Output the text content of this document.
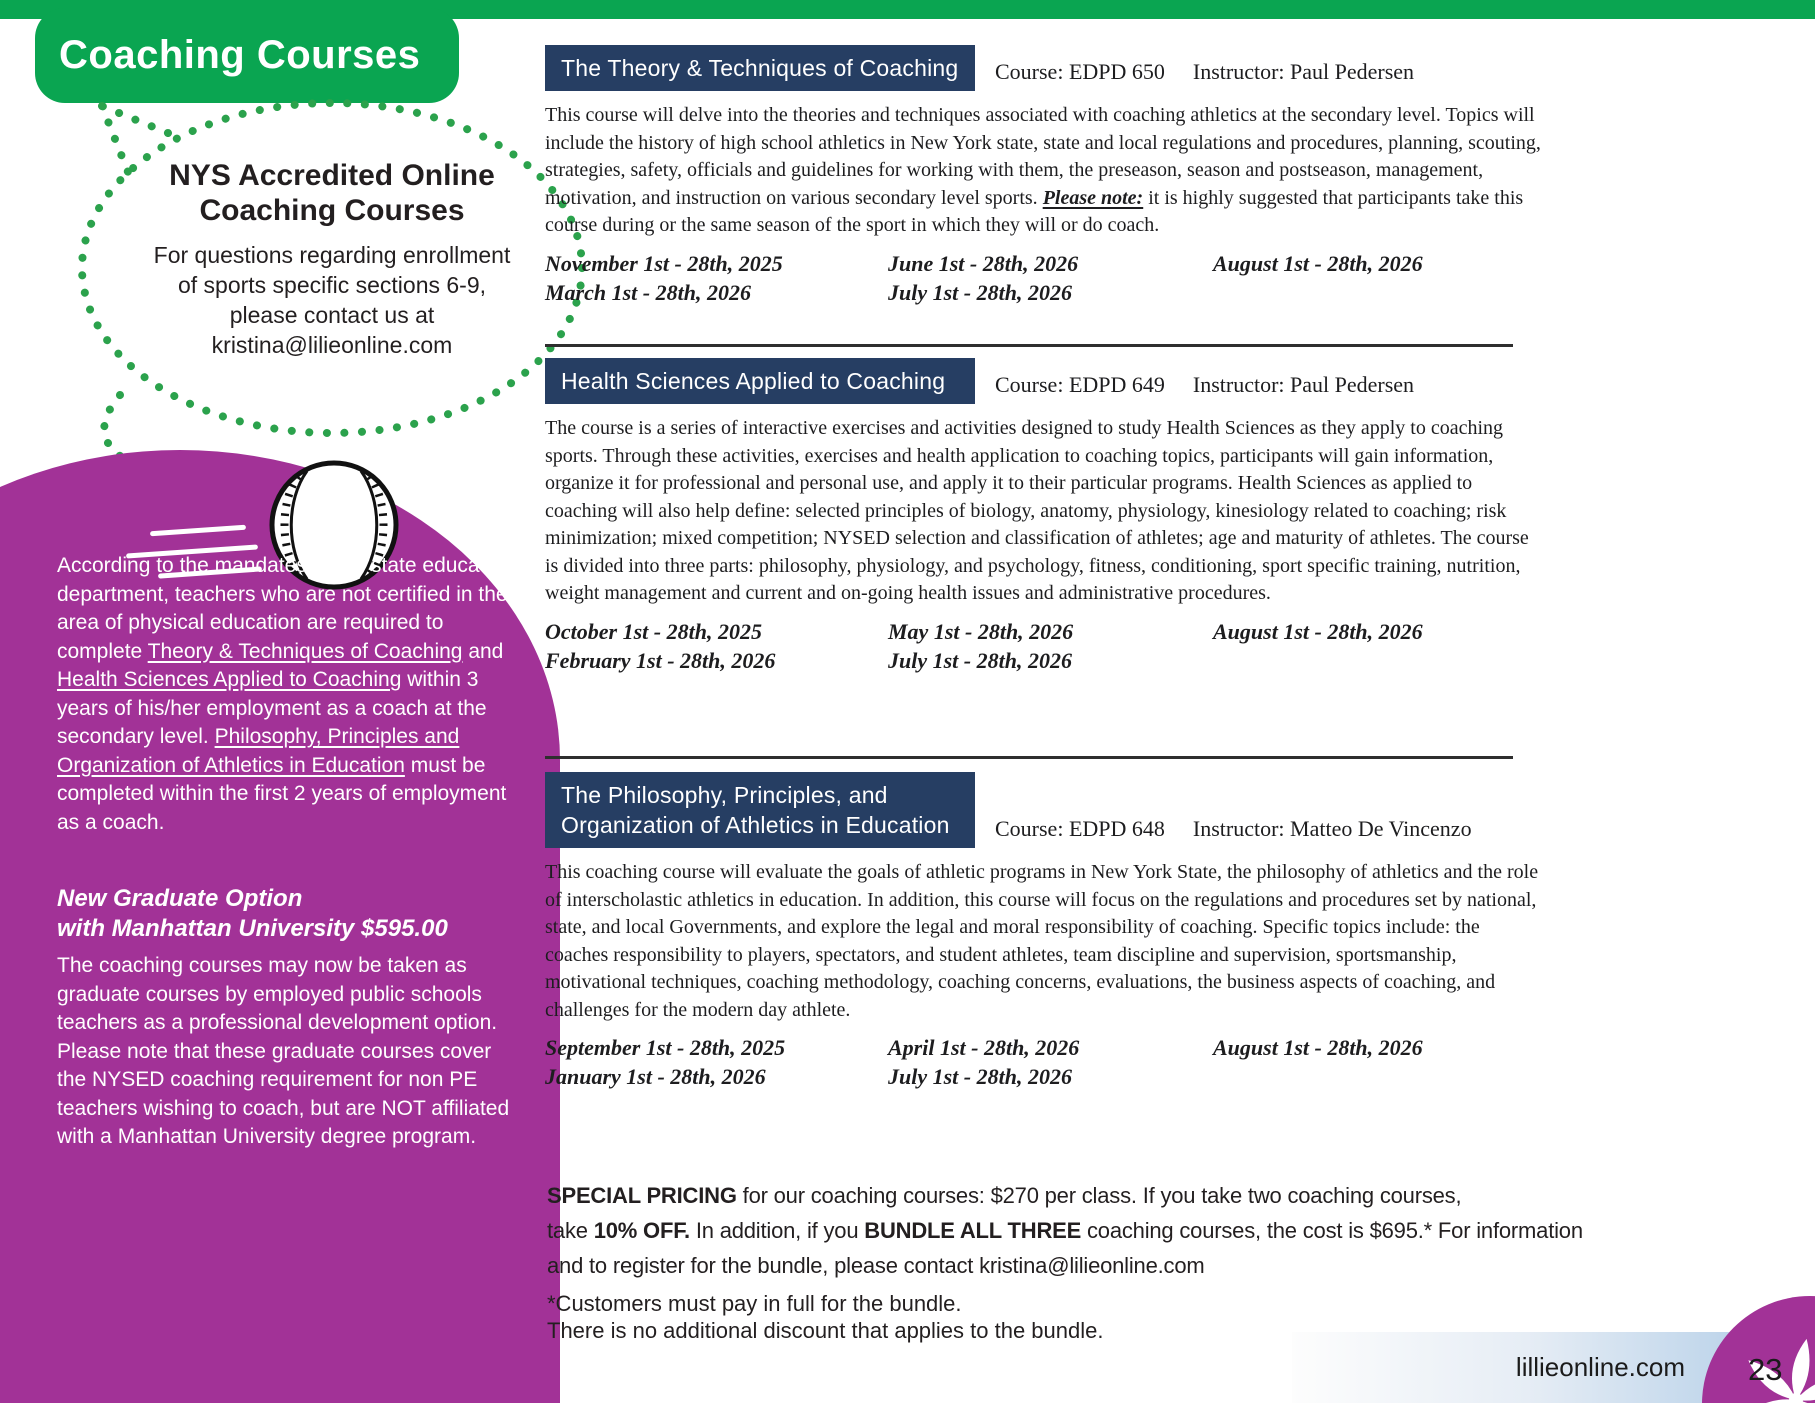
Coaching Courses
NYS Accredited Online
Coaching Courses
For questions regarding enrollment
of sports specific sections 6-9,
please contact us at
kristina@lilieonline.com
According to the mandates of the state education department, teachers who are not certified in the area of physical education are required to complete Theory & Techniques of Coaching and Health Sciences Applied to Coaching within 3 years of his/her employment as a coach at the secondary level. Philosophy, Principles and Organization of Athletics in Education must be completed within the first 2 years of employment as a coach.
New Graduate Option
with Manhattan University $595.00
The coaching courses may now be taken as graduate courses by employed public schools teachers as a professional development option. Please note that these graduate courses cover the NYSED coaching requirement for non PE teachers wishing to coach, but are NOT affiliated with a Manhattan University degree program.
The Theory & Techniques of Coaching Course: EDPD 650 Instructor: Paul Pedersen
This course will delve into the theories and techniques associated with coaching athletics at the secondary level. Topics will include the history of high school athletics in New York state, state and local regulations and procedures, planning, scouting, strategies, safety, officials and guidelines for working with them, the preseason, season and postseason, management, motivation, and instruction on various secondary level sports. Please note: it is highly suggested that participants take this course during or the same season of the sport in which they will or do coach.
November 1st - 28th, 2025
March 1st - 28th, 2026
June 1st - 28th, 2026
July 1st - 28th, 2026
August 1st - 28th, 2026
Health Sciences Applied to Coaching	Course: EDPD 649 Instructor: Paul Pedersen
The course is a series of interactive exercises and activities designed to study Health Sciences as they apply to coaching sports. Through these activities, exercises and health application to coaching topics, participants will gain information, organize it for professional and personal use, and apply it to their particular programs. Health Sciences as applied to coaching will also help define: selected principles of biology, anatomy, physiology, kinesiology related to coaching; risk minimization; mixed competition; NYSED selection and classification of athletes; age and maturity of athletes. The course is divided into three parts: philosophy, physiology, and psychology, fitness, conditioning, sport specific training, nutrition, weight management and current and on-going health issues and administrative procedures.
October 1st - 28th, 2025
February 1st - 28th, 2026
May 1st - 28th, 2026
July 1st - 28th, 2026
August 1st - 28th, 2026
The Philosophy, Principles, and
Organization of Athletics in Education	Course: EDPD 648 Instructor: Matteo De Vincenzo
This coaching course will evaluate the goals of athletic programs in New York State, the philosophy of athletics and the role of interscholastic athletics in education. In addition, this course will focus on the regulations and procedures set by national, state, and local Governments, and explore the legal and moral responsibility of coaching. Specific topics include: the coaches responsibility to players, spectators, and student athletes, team discipline and supervision, sportsmanship, motivational techniques, coaching methodology, coaching concerns, evaluations, the business aspects of coaching, and challenges for the modern day athlete.
September 1st - 28th, 2025
January 1st - 28th, 2026
April 1st - 28th, 2026
July 1st - 28th, 2026
August 1st - 28th, 2026
SPECIAL PRICING for our coaching courses: $270 per class. If you take two coaching courses,
take 10% OFF. In addition, if you BUNDLE ALL THREE coaching courses, the cost is $695.* For information
and to register for the bundle, please contact kristina@lilieonline.com
*Customers must pay in full for the bundle.
There is no additional discount that applies to the bundle.
lillieonline.com 23
